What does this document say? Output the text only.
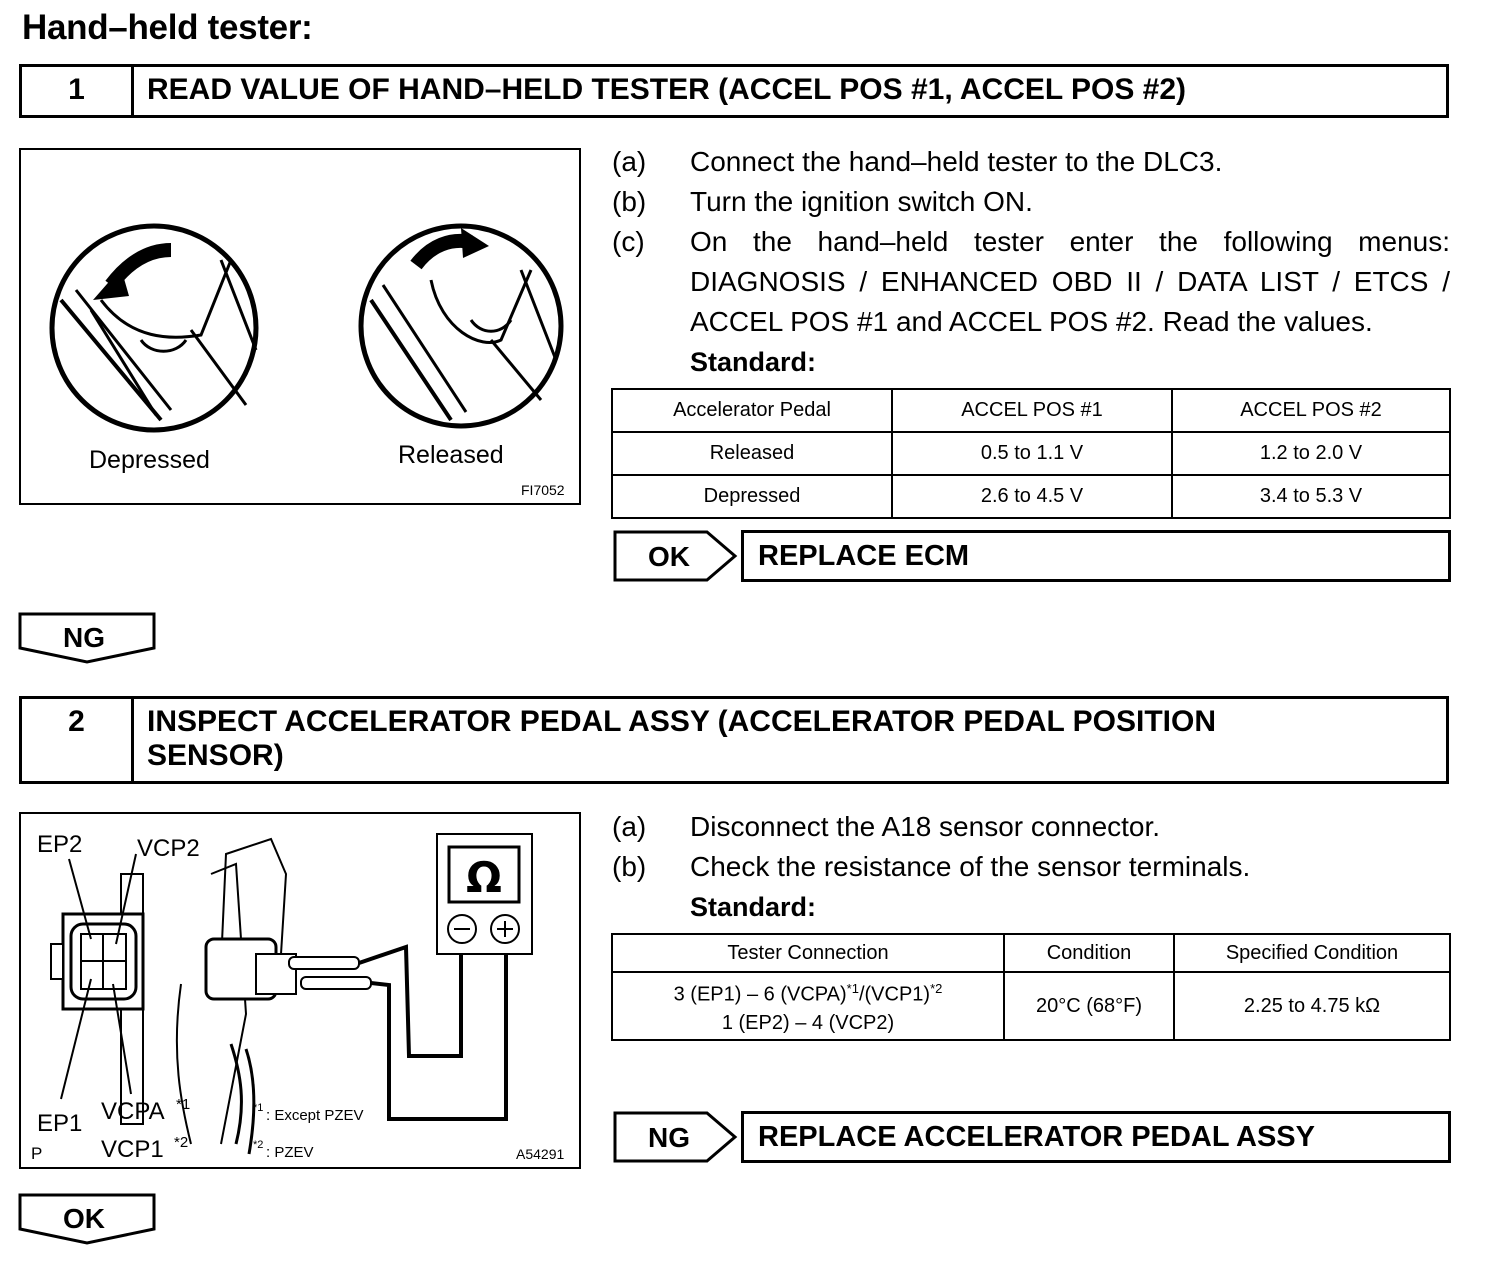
Hand–held tester:
1	READ VALUE OF HAND–HELD TESTER (ACCEL POS #1, ACCEL POS #2)
Depressed	Released
FI7052
(a)	Connect the hand–held tester to the DLC3.
(b)	Turn the ignition switch ON.
(c)	On the hand–held tester enter the following menus: DIAGNOSIS / ENHANCED OBD II / DATA LIST / ETCS / ACCEL POS #1 and ACCEL POS #2. Read the values.
Standard:
Accelerator Pedal	ACCEL POS #1	ACCEL POS #2
Released	0.5 to 1.1 V	1.2 to 2.0 V
Depressed	2.6 to 4.5 V	3.4 to 5.3 V
OK	REPLACE ECM
NG
2	INSPECT ACCELERATOR PEDAL ASSY (ACCELERATOR PEDAL POSITION
SENSOR)
EP2 VCP2
EP1 VCPA *1
VCP1 *2
P
Ω
*1 : Except PZEV
*2 : PZEV	A54291
(a)	Disconnect the A18 sensor connector.
(b)	Check the resistance of the sensor terminals.
Standard:
Tester Connection	Condition	Specified Condition

3 (EP1) – 6 $(VCPA)^{*1}/(VCP1)^{*2}$
1 (EP2) – 4 (VCP2)	20°C (68°F)	2.25 to 4.75 kΩ
NG	REPLACE ACCELERATOR PEDAL ASSY
OK
